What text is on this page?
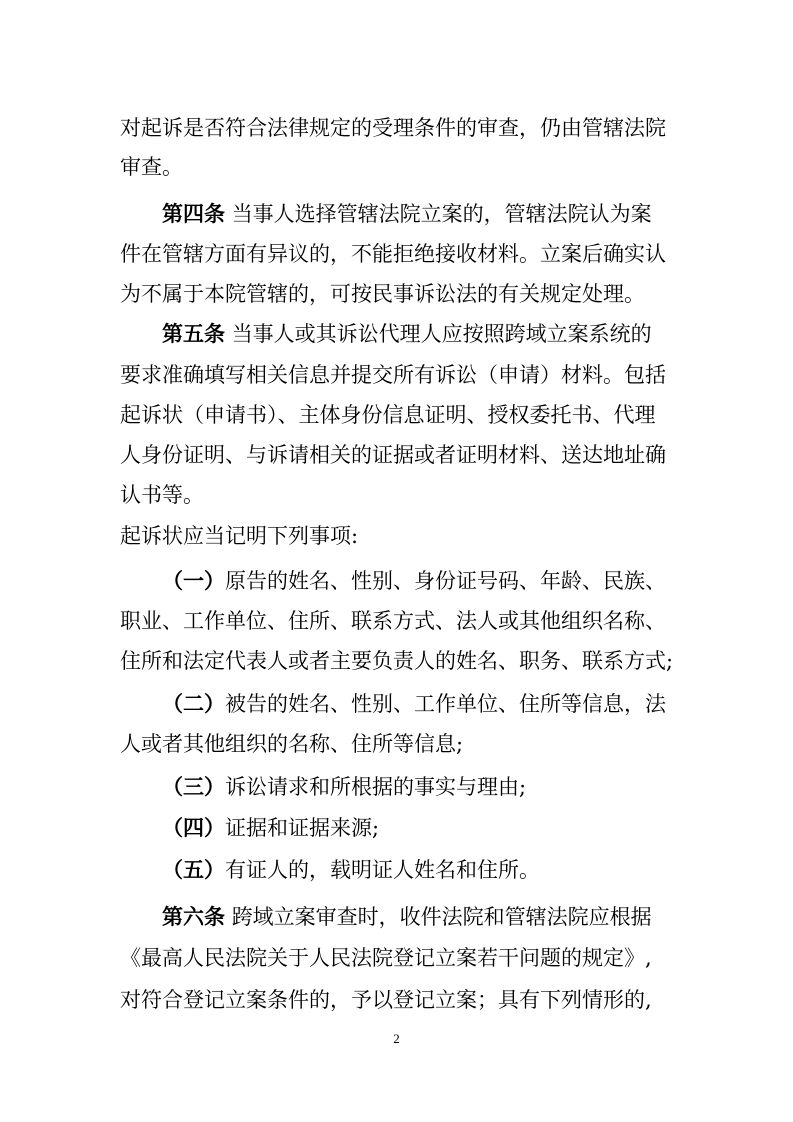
对起诉是否符合法律规定的受理条件的审查，仍由管辖法院
审查。
第四条 当事人选择管辖法院立案的，管辖法院认为案
件在管辖方面有异议的，不能拒绝接收材料。立案后确实认
为不属于本院管辖的，可按民事诉讼法的有关规定处理。
第五条 当事人或其诉讼代理人应按照跨域立案系统的
要求准确填写相关信息并提交所有诉讼（申请）材料。包括
起诉状（申请书）、主体身份信息证明、授权委托书、代理
人身份证明、与诉请相关的证据或者证明材料、送达地址确
认书等。
起诉状应当记明下列事项:
（一）原告的姓名、性别、身份证号码、年龄、民族、
职业、工作单位、住所、联系方式、法人或其他组织名称、
住所和法定代表人或者主要负责人的姓名、职务、联系方式;
（二）被告的姓名、性别、工作单位、住所等信息，法
人或者其他组织的名称、住所等信息;
（三）诉讼请求和所根据的事实与理由;
（四）证据和证据来源;
（五）有证人的，载明证人姓名和住所。
第六条 跨域立案审查时，收件法院和管辖法院应根据
《最高人民法院关于人民法院登记立案若干问题的规定》,
对符合登记立案条件的，予以登记立案；具有下列情形的,
2
